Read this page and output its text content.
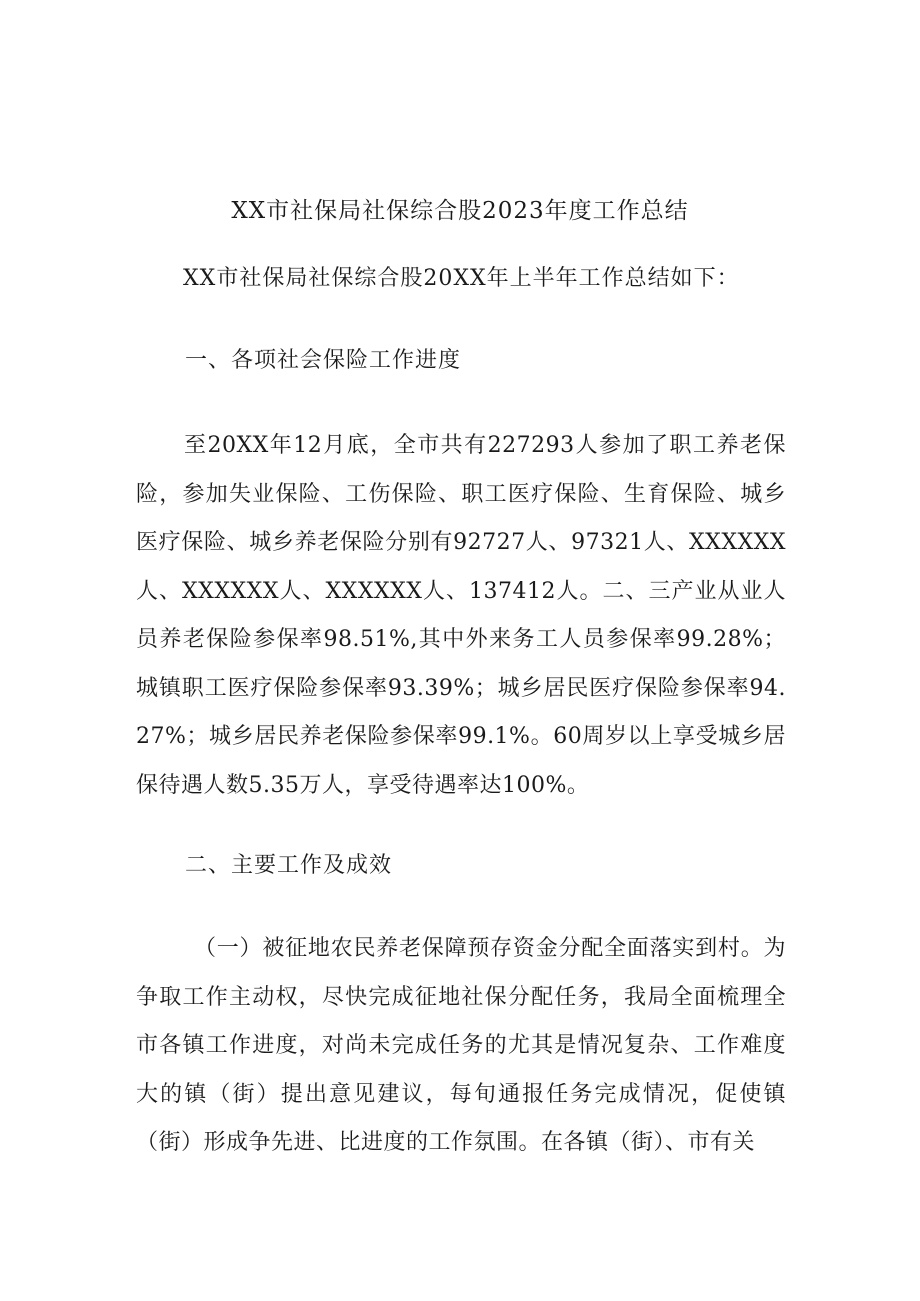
XX市社保局社保综合股2023年度工作总结
XX市社保局社保综合股20XX年上半年工作总结如下：
一、各项社会保险工作进度

至20XX年12月底，全市共有227293人参加了职工养老保险，参加失业保险、工伤保险、职工医疗保险、生育保险、城乡医疗保险、城乡养老保险分别有92727人、97321人、XXXXXX人、XXXXXX人、XXXXXX人、137412人。二、三产业从业人员养老保险参保率98.51%,其中外来务工人员参保率99.28%；城镇职工医疗保险参保率93.39%；城乡居民医疗保险参保率94.27%；城乡居民养老保险参保率99.1%。60周岁以上享受城乡居保待遇人数5.35万人，享受待遇率达100%。

二、主要工作及成效

（一）被征地农民养老保障预存资金分配全面落实到村。为争取工作主动权，尽快完成征地社保分配任务，我局全面梳理全市各镇工作进度，对尚未完成任务的尤其是情况复杂、工作难度大的镇（街）提出意见建议，每旬通报任务完成情况，促使镇（街）形成争先进、比进度的工作氛围。在各镇（街）、市有关
